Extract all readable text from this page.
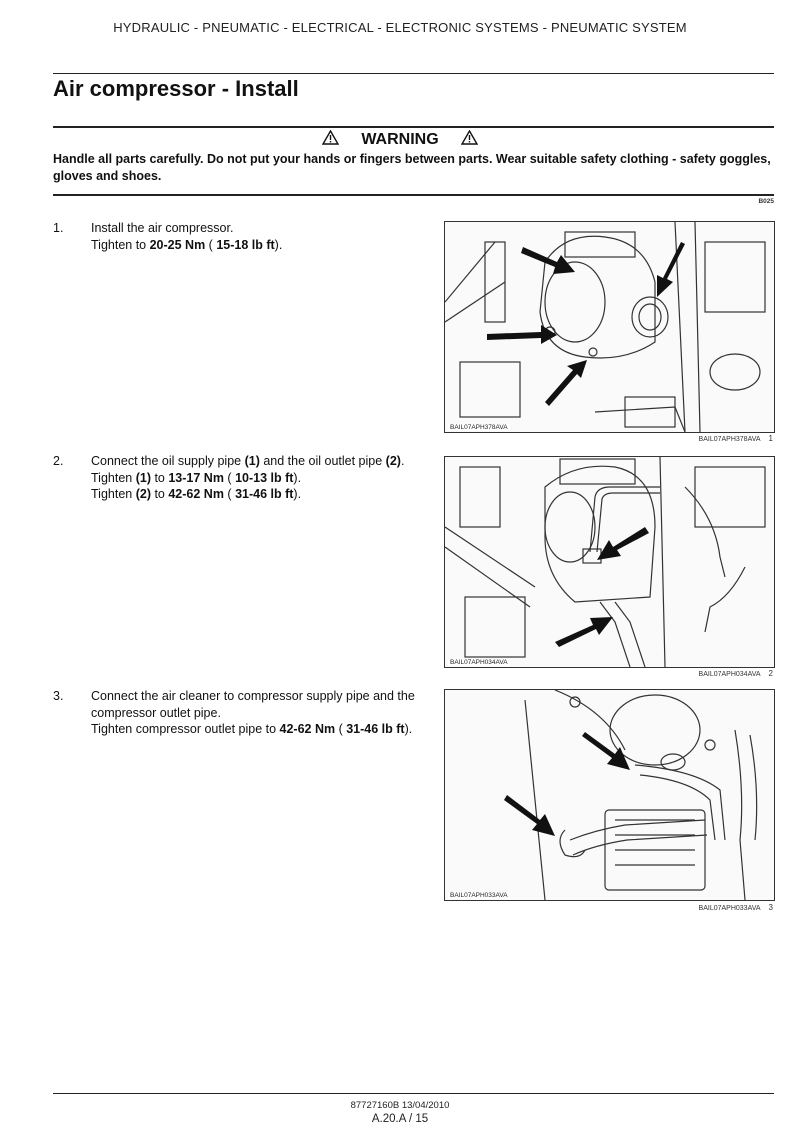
HYDRAULIC - PNEUMATIC - ELECTRICAL - ELECTRONIC SYSTEMS - PNEUMATIC SYSTEM
Air compressor - Install
WARNING
Handle all parts carefully. Do not put your hands or fingers between parts. Wear suitable safety clothing - safety goggles, gloves and shoes.
B025
1. Install the air compressor.
Tighten to 20-25 Nm ( 15-18 lb ft).
BAIL07APH378AVA
BAIL07APH378AVA 1
2. Connect the oil supply pipe (1) and the oil outlet pipe (2).
Tighten (1) to 13-17 Nm ( 10-13 lb ft).
Tighten (2) to 42-62 Nm ( 31-46 lb ft).
BAIL07APH034AVA
BAIL07APH034AVA 2
3. Connect the air cleaner to compressor supply pipe and the compressor outlet pipe.
Tighten compressor outlet pipe to 42-62 Nm ( 31-46 lb ft).
BAIL07APH033AVA
BAIL07APH033AVA 3
87727160B 13/04/2010
A.20.A / 15
